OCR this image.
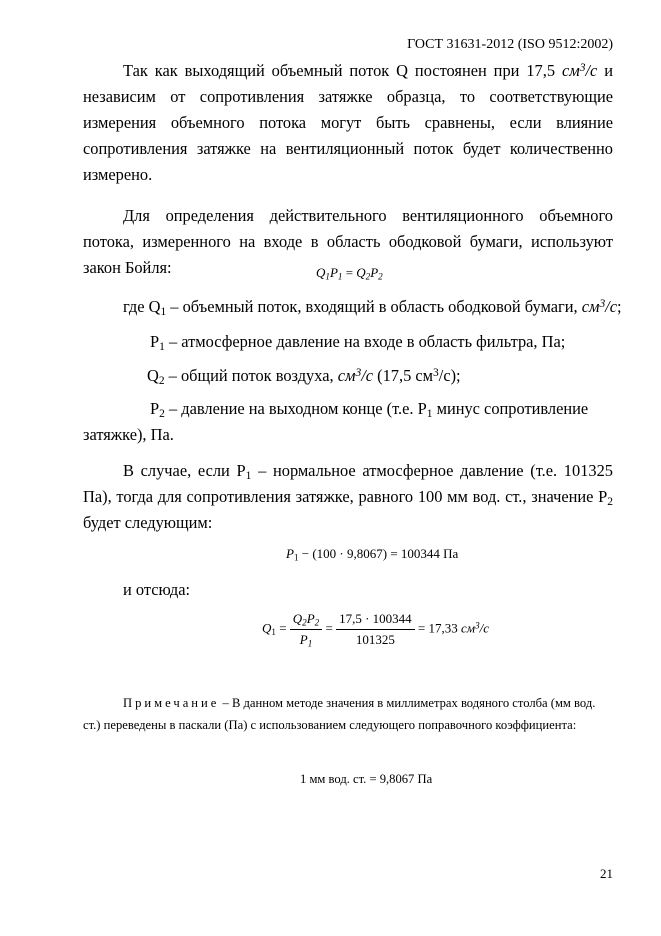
ГОСТ 31631-2012 (ISO 9512:2002)
Так как выходящий объемный поток Q постоянен при 17,5 $см^3/с$ и независим от сопротивления затяжке образца, то соответствующие измерения объемного потока могут быть сравнены, если влияние сопротивления затяжке на вентиляционный поток будет количественно измерено.
Для определения действительного вентиляционного объемного потока, измеренного на входе в область ободковой бумаги, используют закон Бойля:	$Q_1P_1 = Q_2P_2$
где $Q_1$ – объемный поток, входящий в область ободковой бумаги, $см^3/с$;
$P_1$ – атмосферное давление на входе в область фильтра, Па;
$Q_2$ – общий поток воздуха, $см^3/с$ (17,5 $см^3/с$);
$P_2$ – давление на выходном конце (т.е. $P_1$ минус сопротивление
затяжке), Па.
В случае, если $P_1$ – нормальное атмосферное давление (т.е. 101325 Па), тогда для сопротивления затяжке, равного 100 мм вод. ст., значение $P_2$ будет следующим:
$P_1 - (100 \cdot 9,8067) = 100344$ Па
и отсюда:
$Q_1 = \frac{Q_2P_2}{P_1} = \frac{17,5 \cdot 100344}{101325} = 17,33$ $см^3/с$
Примечание – В данном методе значения в миллиметрах водяного столба (мм вод. ст.) переведены в паскали (Па) с использованием следующего поправочного коэффициента:
1 мм вод. ст. = 9,8067 Па
21
